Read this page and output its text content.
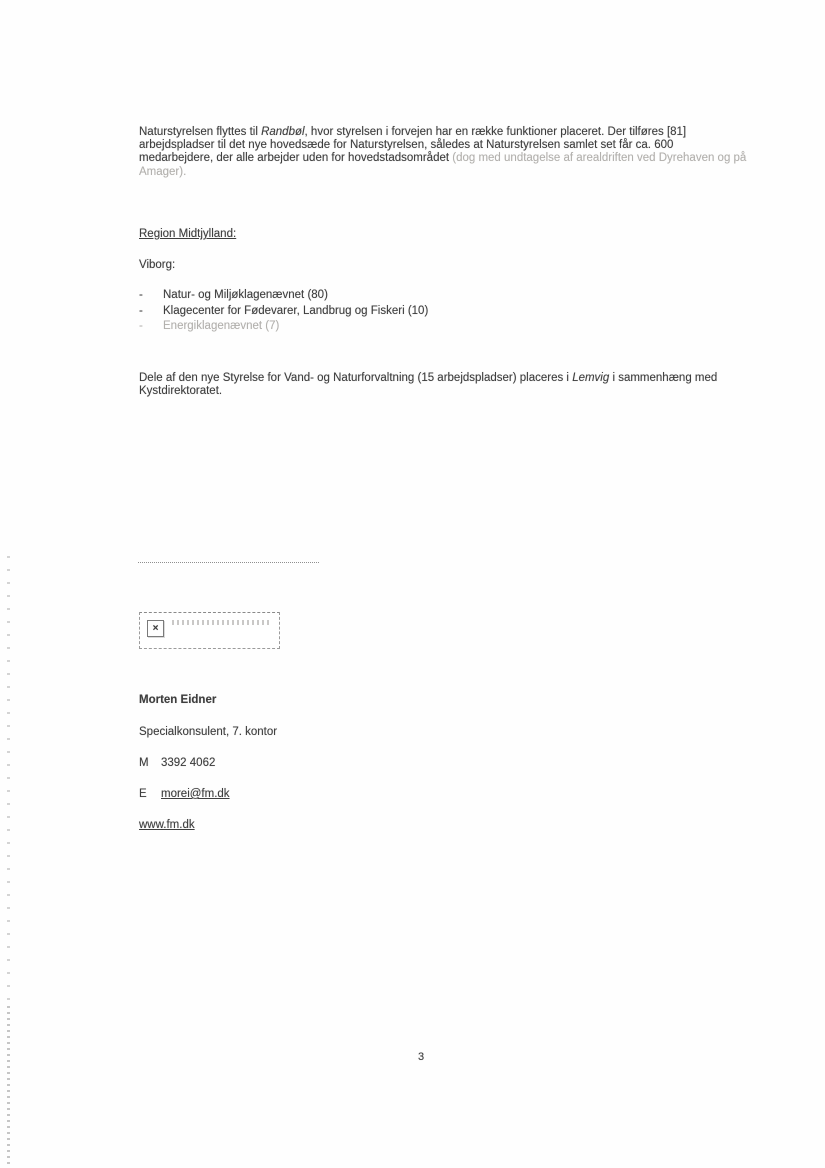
Naturstyrelsen flyttes til Randbøl, hvor styrelsen i forvejen har en række funktioner placeret. Der tilføres [81]
arbejdspladser til det nye hovedsæde for Naturstyrelsen, således at Naturstyrelsen samlet set får ca. 600
medarbejdere, der alle arbejder uden for hovedstadsområdet (dog med undtagelse af arealdriften ved Dyrehaven og på
Amager).
Region Midtjylland:
Viborg:
-	Natur- og Miljøklagenævnet (80)
-	Klagecenter for Fødevarer, Landbrug og Fiskeri (10)
-	Energiklagenævnet (7)
Dele af den nye Styrelse for Vand- og Naturforvaltning (15 arbejdspladser) placeres i Lemvig i sammenhæng med
Kystdirektoratet.
×
Morten Eidner
Specialkonsulent, 7. kontor
M 3392 4062
E morei@fm.dk
www.fm.dk
3
